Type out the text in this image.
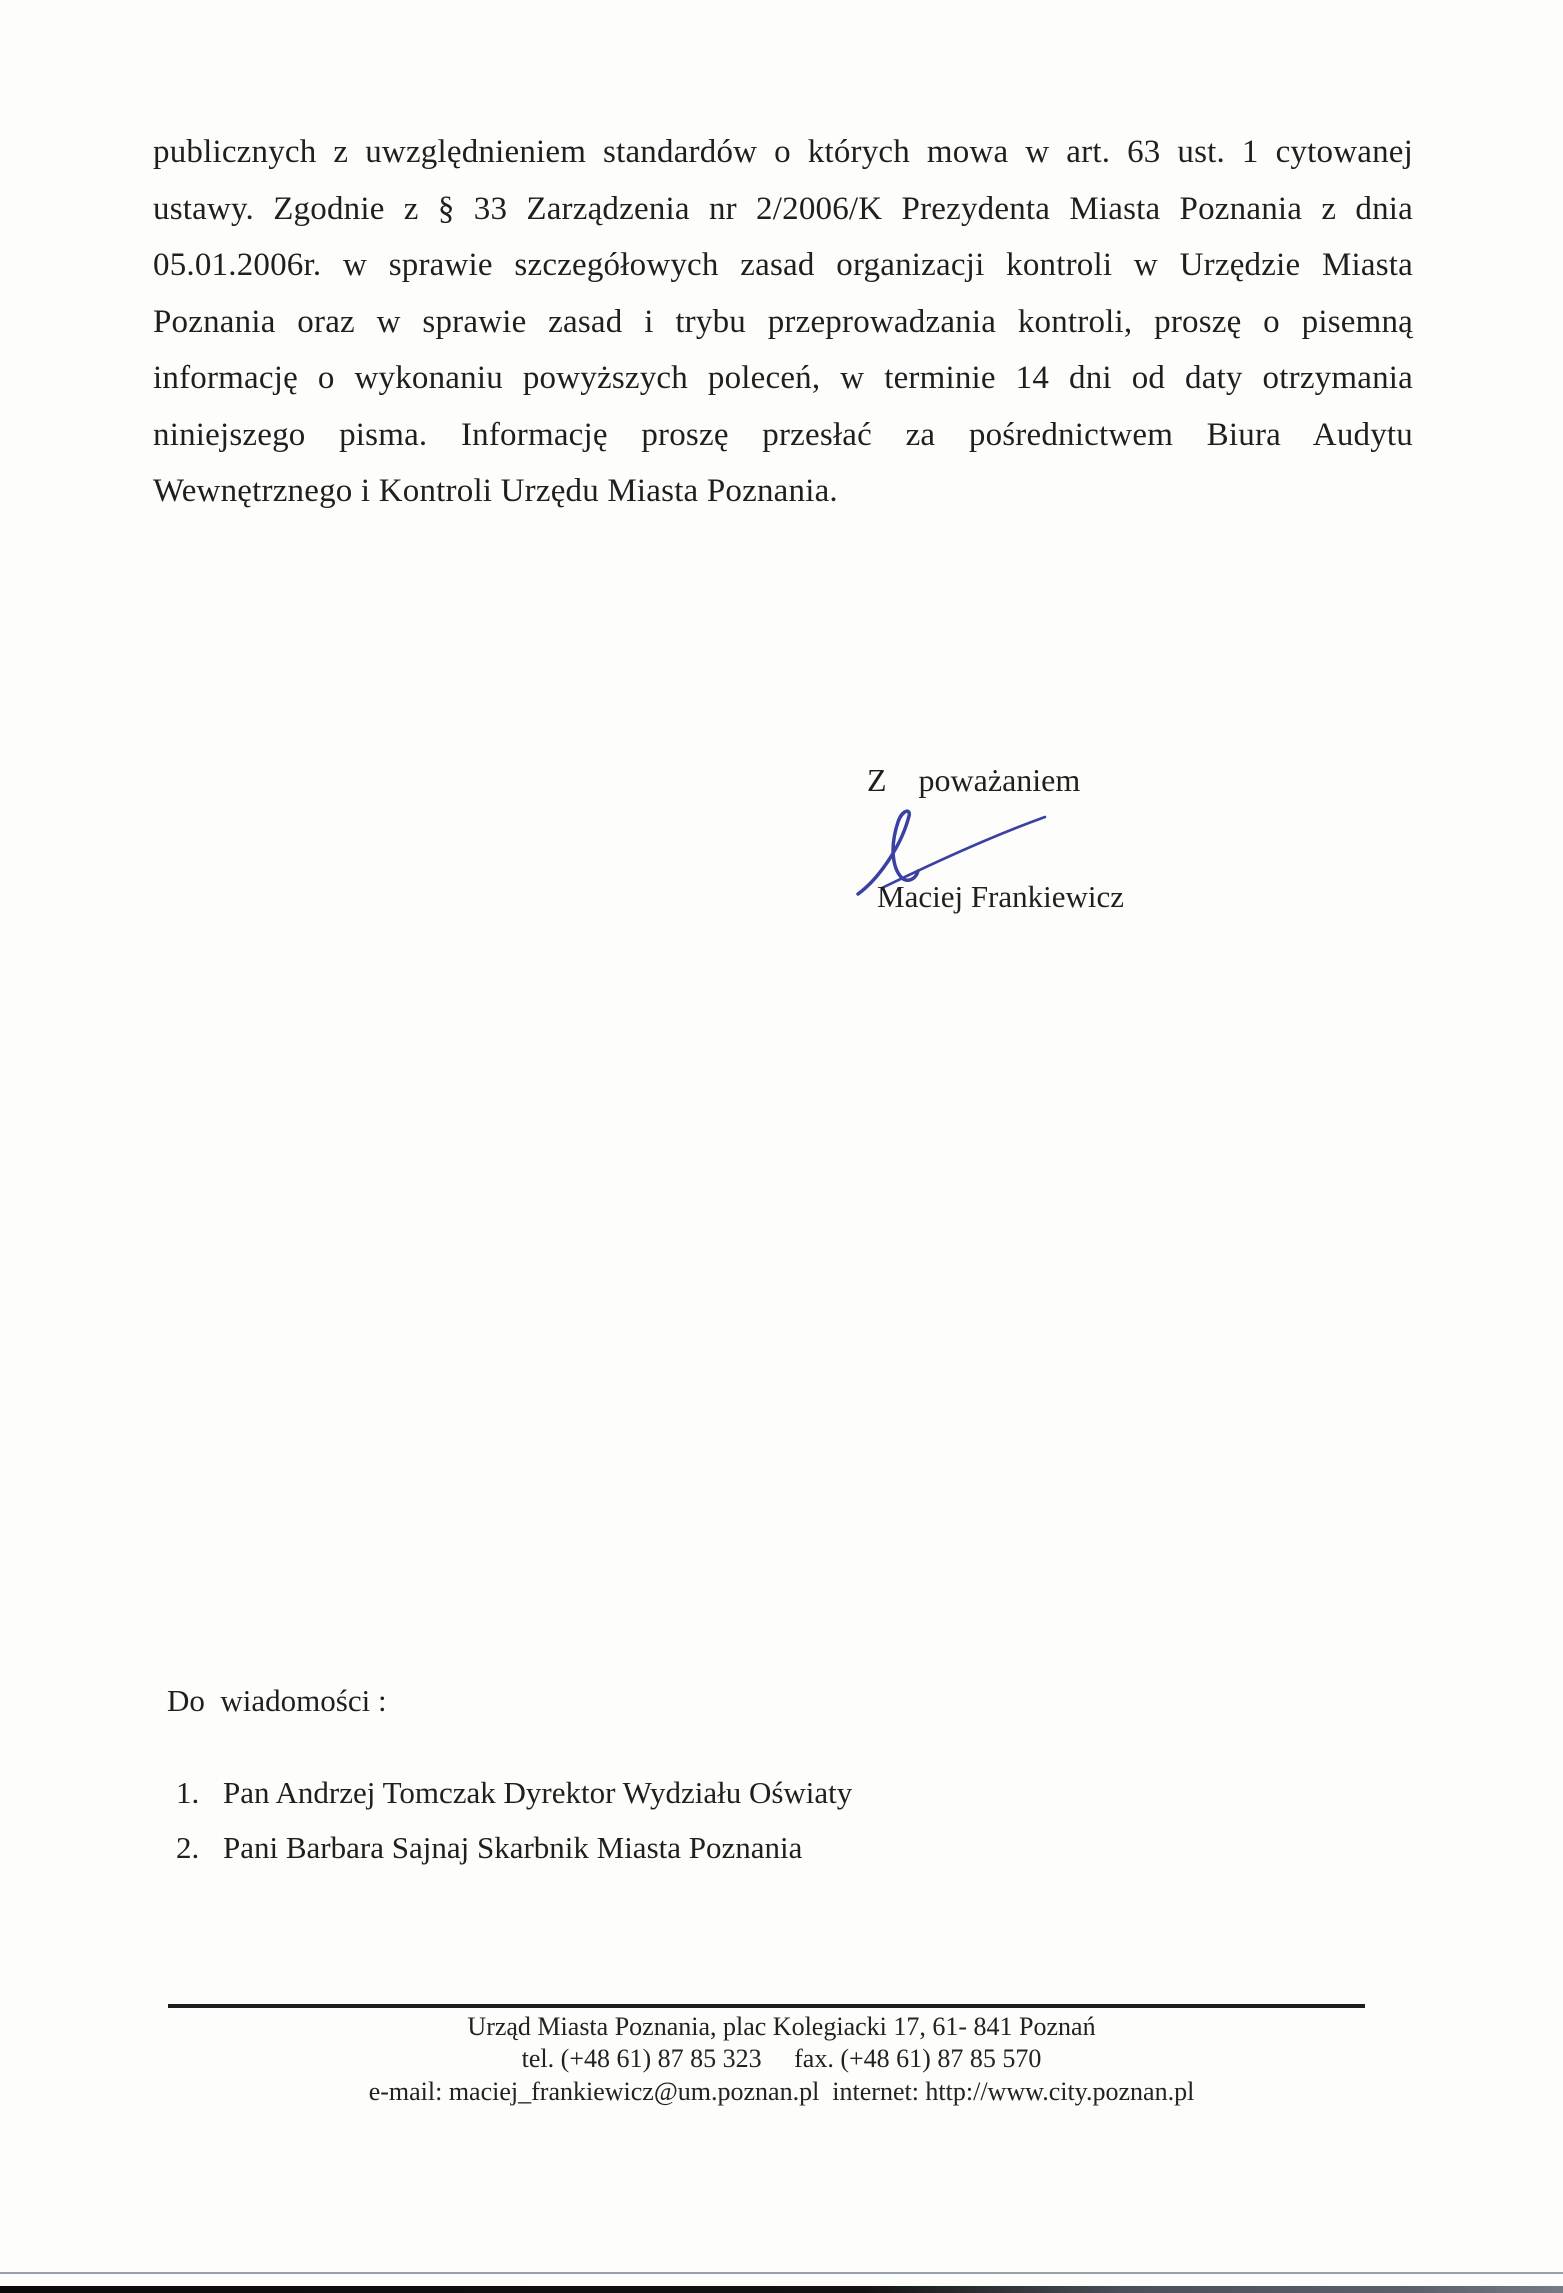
publicznych z uwzględnieniem standardów o których mowa w art. 63 ust. 1 cytowanej
ustawy. Zgodnie z § 33 Zarządzenia nr 2/2006/K Prezydenta Miasta Poznania z dnia
05.01.2006r. w sprawie szczegółowych zasad organizacji kontroli w Urzędzie Miasta
Poznania oraz w sprawie zasad i trybu przeprowadzania kontroli, proszę o pisemną
informację o wykonaniu powyższych poleceń, w terminie 14 dni od daty otrzymania
niniejszego pisma. Informację proszę przesłać za pośrednictwem Biura Audytu
Wewnętrznego i Kontroli Urzędu Miasta Poznania.
Z    poważaniem
Maciej Frankiewicz
Do  wiadomości :

1. Pan Andrzej Tomczak Dyrektor Wydziału Oświaty

2. Pani Barbara Sajnaj Skarbnik Miasta Poznania

Urząd Miasta Poznania, plac Kolegiacki 17, 61- 841 Poznań
tel. (+48 61) 87 85 323     fax. (+48 61) 87 85 570
e-mail: maciej_frankiewicz@um.poznan.pl  internet: http://www.city.poznan.pl
